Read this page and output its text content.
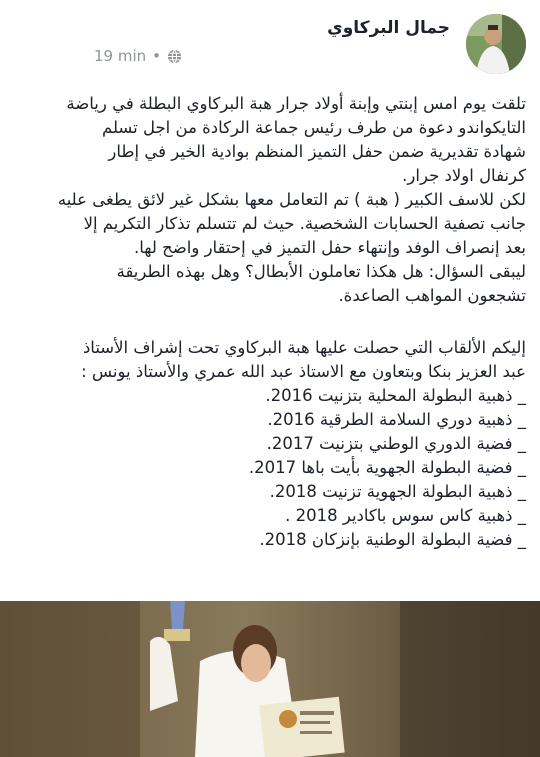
جمال البركاوي
19 min •

تلقت يوم امس إبنتي وإبنة أولاد جرار هبة البركاوي البطلة في رياضة

التايكواندو دعوة من طرف رئيس جماعة الركادة من اجل تسلم

شهادة تقديرية ضمن حفل التميز المنظم بوادية الخير في إطار

كرنفال اولاد جرار.

لكن للاسف الكبير ( هبة ) تم التعامل معها بشكل غير لائق يطغى عليه

جانب تصفية الحسابات الشخصية. حيث لم تتسلم تذكار التكريم إلا

بعد إنصراف الوفد وإنتهاء حفل التميز في إحتقار واضح لها.

ليبقى السؤال: هل هكذا تعاملون الأبطال؟ وهل بهذه الطريقة

تشجعون المواهب الصاعدة.

إليكم الألقاب التي حصلت عليها هبة البركاوي تحت إشراف الأستاذ

عبد العزيز بنكا وبتعاون مع الاستاذ عبد الله عمري والأستاذ يونس :

_ ذهبية البطولة المحلية بتزنيت 2016.

_ ذهبية دوري السلامة الطرقية 2016.

_ فضية الدوري الوطني بتزنيت 2017.

_ فضية البطولة الجهوية بأيت باها 2017.

_ ذهبية البطولة الجهوية تزنيت 2018.

_ ذهبية كاس سوس باكادير 2018 .

_ فضية البطولة الوطنية بإنزكان 2018.
